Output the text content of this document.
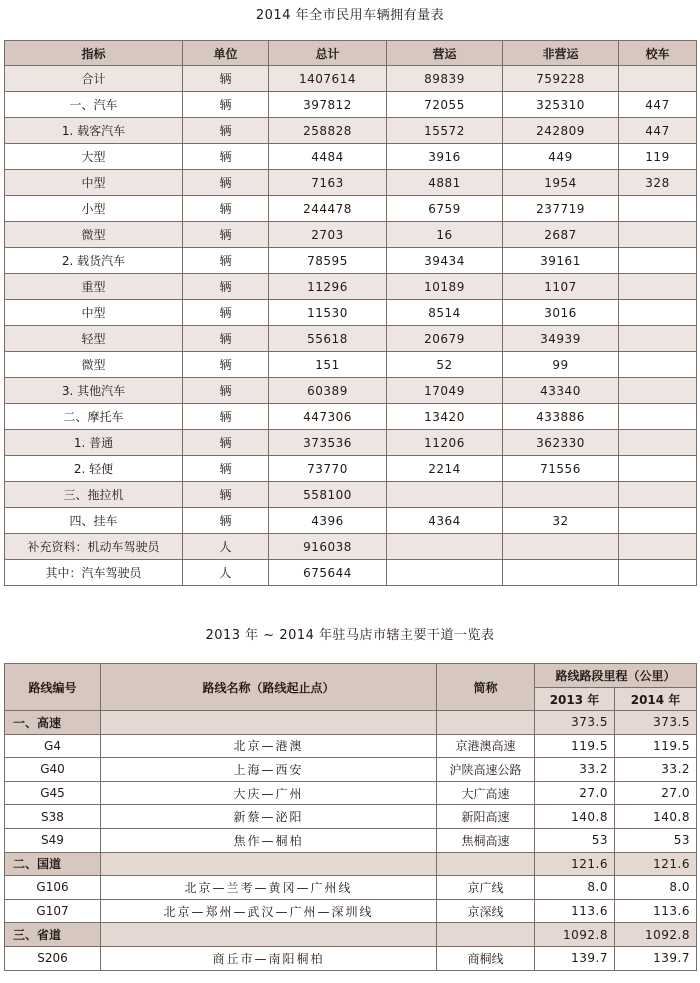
2014 年全市民用车辆拥有量表
指标	单位	总计	营运	非营运	校车
合计	辆	1407614	89839	759228	
一、汽车	辆	397812	72055	325310	447
1. 载客汽车	辆	258828	15572	242809	447
大型	辆	4484	3916	449	119
中型	辆	7163	4881	1954	328
小型	辆	244478	6759	237719	
微型	辆	2703	16	2687	
2. 载货汽车	辆	78595	39434	39161	
重型	辆	11296	10189	1107	
中型	辆	11530	8514	3016	
轻型	辆	55618	20679	34939	
微型	辆	151	52	99	
3. 其他汽车	辆	60389	17049	43340	
二、摩托车	辆	447306	13420	433886	
1. 普通	辆	373536	11206	362330	
2. 轻便	辆	73770	2214	71556	
三、拖拉机	辆	558100			
四、挂车	辆	4396	4364	32	
补充资料：机动车驾驶员	人	916038			
其中：汽车驾驶员	人	675644			
2013 年 ~ 2014 年驻马店市辖主要干道一览表
路线编号	路线名称（路线起止点）	简称	路线路段里程（公里）	
			2013 年	2014 年
一、高速			373.5	373.5
G4	北京—港澳	京港澳高速	119.5	119.5
G40	上海—西安	沪陕高速公路	33.2	33.2
G45	大庆—广州	大广高速	27.0	27.0
S38	新蔡—泌阳	新阳高速	140.8	140.8
S49	焦作—桐柏	焦桐高速	53	53
二、国道			121.6	121.6
G106	北京—兰考—黄冈—广州线	京广线	8.0	8.0
G107	北京—郑州—武汉—广州—深圳线	京深线	113.6	113.6
三、省道			1092.8	1092.8
S206	商丘市—南阳桐柏	商桐线	139.7	139.7
